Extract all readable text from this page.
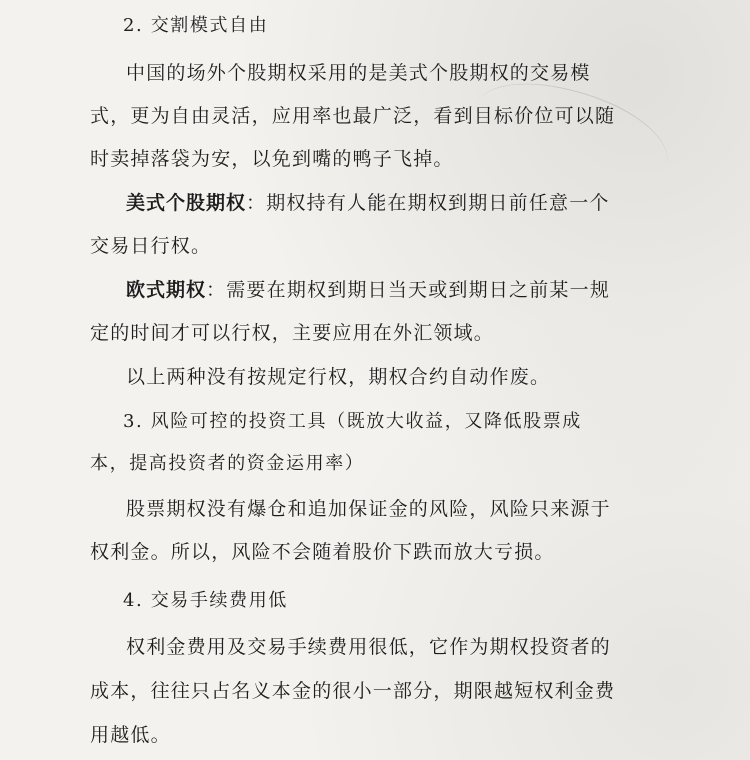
2. 交割模式自由
中国的场外个股期权采用的是美式个股期权的交易模
式，更为自由灵活，应用率也最广泛，看到目标价位可以随
时卖掉落袋为安，以免到嘴的鸭子飞掉。
美式个股期权：期权持有人能在期权到期日前任意一个
交易日行权。
欧式期权：需要在期权到期日当天或到期日之前某一规
定的时间才可以行权，主要应用在外汇领域。
以上两种没有按规定行权，期权合约自动作废。
3. 风险可控的投资工具（既放大收益，又降低股票成
本，提高投资者的资金运用率）
股票期权没有爆仓和追加保证金的风险，风险只来源于
权利金。所以，风险不会随着股价下跌而放大亏损。
4. 交易手续费用低
权利金费用及交易手续费用很低，它作为期权投资者的
成本，往往只占名义本金的很小一部分，期限越短权利金费
用越低。
